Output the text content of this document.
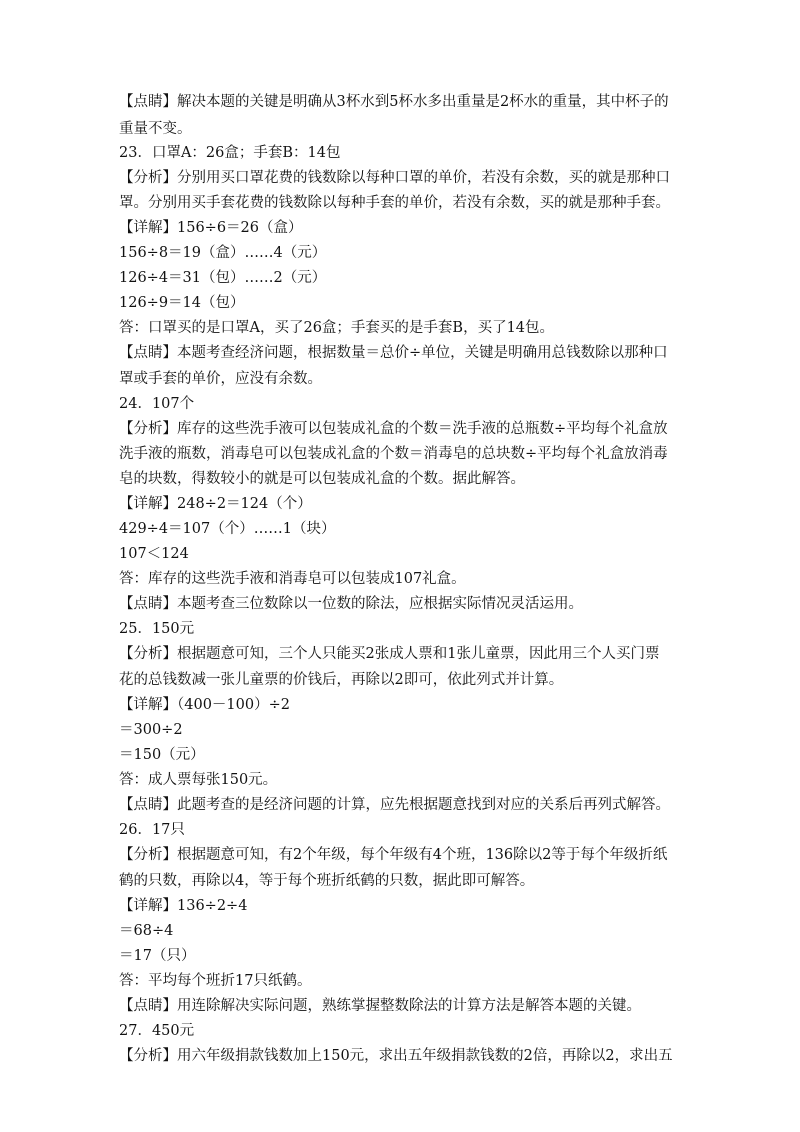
【点睛】解决本题的关键是明确从3杯水到5杯水多出重量是2杯水的重量，其中杯子的
重量不变。
23．口罩A：26盒；手套B：14包
【分析】分别用买口罩花费的钱数除以每种口罩的单价，若没有余数，买的就是那种口
罩。分别用买手套花费的钱数除以每种手套的单价，若没有余数，买的就是那种手套。
【详解】156÷6＝26（盒）
156÷8＝19（盒）……4（元）
126÷4＝31（包）……2（元）
126÷9＝14（包）
答：口罩买的是口罩A，买了26盒；手套买的是手套B，买了14包。
【点睛】本题考查经济问题，根据数量＝总价÷单位，关键是明确用总钱数除以那种口
罩或手套的单价，应没有余数。
24．107个
【分析】库存的这些洗手液可以包装成礼盒的个数＝洗手液的总瓶数÷平均每个礼盒放
洗手液的瓶数，消毒皂可以包装成礼盒的个数＝消毒皂的总块数÷平均每个礼盒放消毒
皂的块数，得数较小的就是可以包装成礼盒的个数。据此解答。
【详解】248÷2＝124（个）
429÷4＝107（个）……1（块）
107＜124
答：库存的这些洗手液和消毒皂可以包装成107礼盒。
【点睛】本题考查三位数除以一位数的除法，应根据实际情况灵活运用。
25．150元
【分析】根据题意可知，三个人只能买2张成人票和1张儿童票，因此用三个人买门票
花的总钱数减一张儿童票的价钱后，再除以2即可，依此列式并计算。
【详解】（400－100）÷2
＝300÷2
＝150（元）
答：成人票每张150元。
【点睛】此题考查的是经济问题的计算，应先根据题意找到对应的关系后再列式解答。
26．17只
【分析】根据题意可知，有2个年级，每个年级有4个班，136除以2等于每个年级折纸
鹤的只数，再除以4，等于每个班折纸鹤的只数，据此即可解答。
【详解】136÷2÷4
＝68÷4
＝17（只）
答：平均每个班折17只纸鹤。
【点睛】用连除解决实际问题，熟练掌握整数除法的计算方法是解答本题的关键。
27．450元
【分析】用六年级捐款钱数加上150元，求出五年级捐款钱数的2倍，再除以2，求出五
